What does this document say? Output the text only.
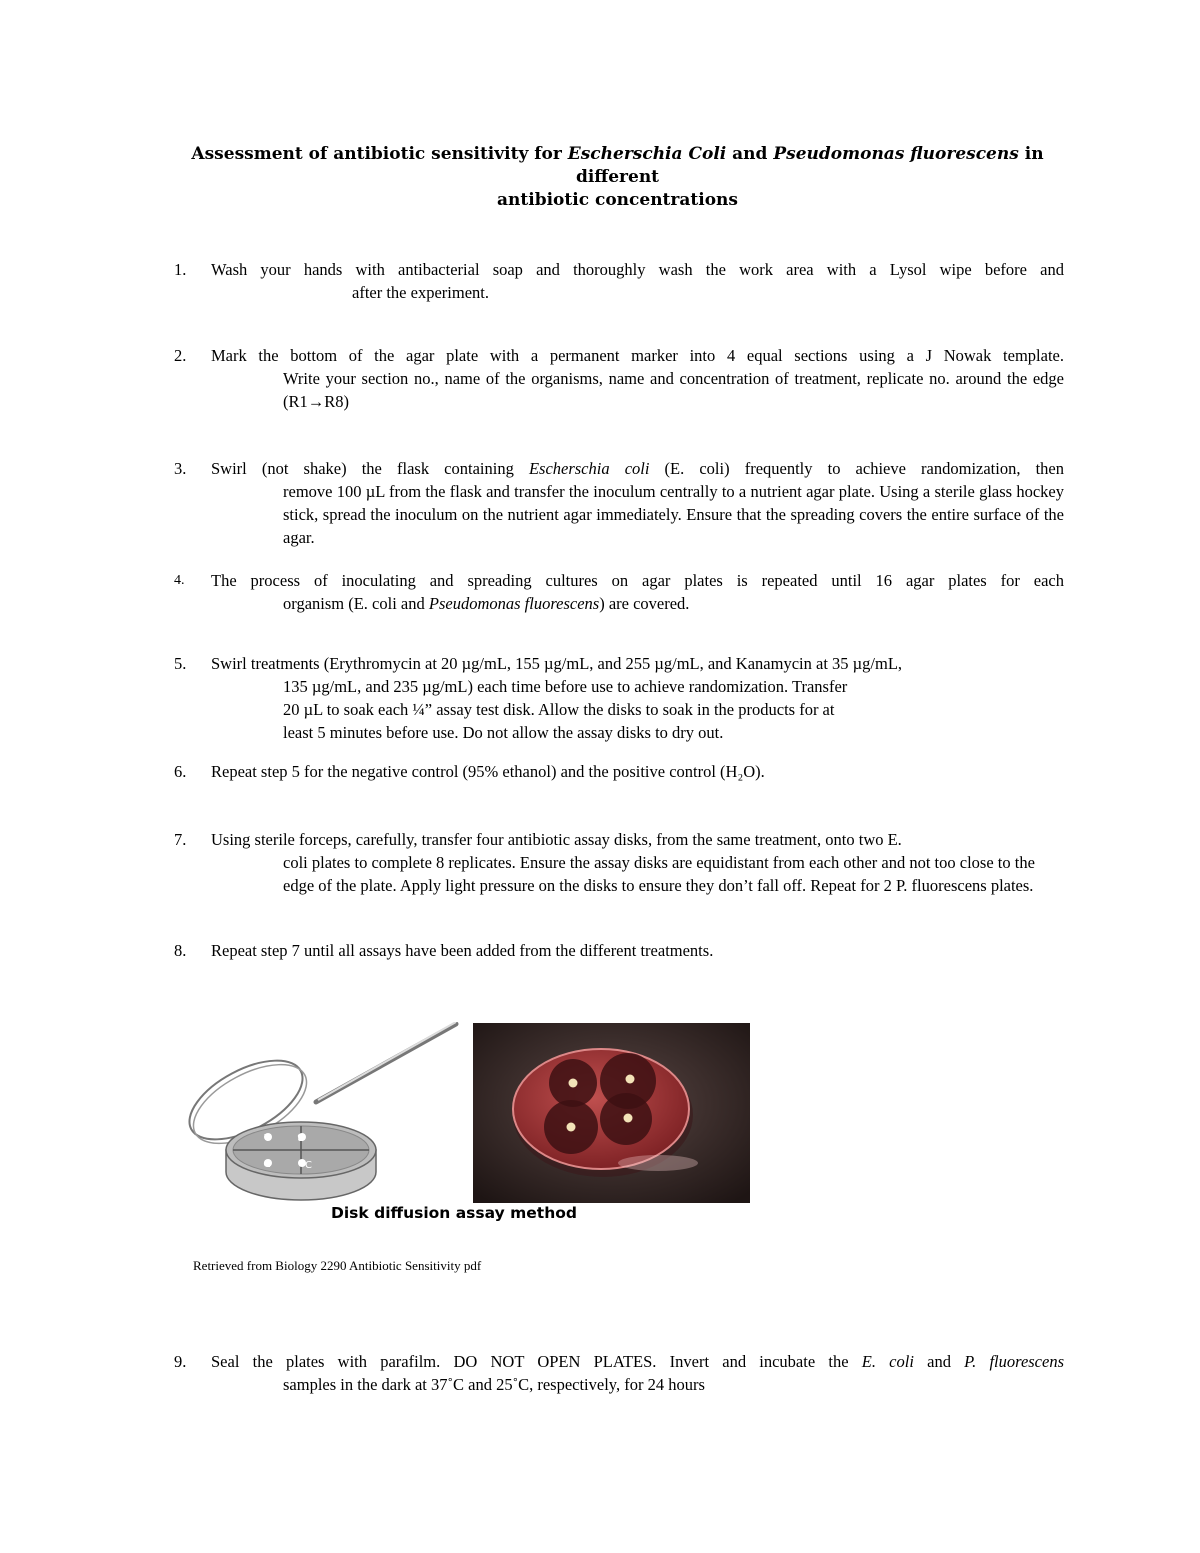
Assessment of antibiotic sensitivity for Escherschia Coli and Pseudomonas fluorescens in different
antibiotic concentrations
1. Wash your hands with antibacterial soap and thoroughly wash the work area with a Lysol wipe before and
after the experiment.
2. Mark the bottom of the agar plate with a permanent marker into 4 equal sections using a J Nowak template.
Write your section no., name of the organisms, name and concentration of treatment, replicate no. around the edge (R1→R8)
3. Swirl (not shake) the flask containing Escherschia coli (E. coli) frequently to achieve randomization, then
remove 100 µL from the flask and transfer the inoculum centrally to a nutrient agar plate. Using a sterile glass hockey stick, spread the inoculum on the nutrient agar immediately. Ensure that the spreading covers the entire surface of the agar.
4. The process of inoculating and spreading cultures on agar plates is repeated until 16 agar plates for each
organism (E. coli and Pseudomonas fluorescens) are covered.
5. Swirl treatments (Erythromycin at 20 µg/mL, 155 µg/mL, and 255 µg/mL, and Kanamycin at 35 µg/mL,
135 µg/mL, and 235 µg/mL) each time before use to achieve randomization. Transfer 20 µL to soak each ¼” assay test disk. Allow the disks to soak in the products for at least 5 minutes before use. Do not allow the assay disks to dry out.
6. Repeat step 5 for the negative control (95% ethanol) and the positive control (H₂O).
7. Using sterile forceps, carefully, transfer four antibiotic assay disks, from the same treatment, onto two E.
coli plates to complete 8 replicates. Ensure the assay disks are equidistant from each other and not too close to the edge of the plate. Apply light pressure on the disks to ensure they don’t fall off. Repeat for 2 P. fluorescens plates.
8. Repeat step 7 until all assays have been added from the different treatments.
A	B
C
D
Disk diffusion assay method
Retrieved from Biology 2290 Antibiotic Sensitivity pdf
9. Seal the plates with parafilm. DO NOT OPEN PLATES. Invert and incubate the E. coli and P. fluorescens
samples in the dark at 37˚C and 25˚C, respectively, for 24 hours
